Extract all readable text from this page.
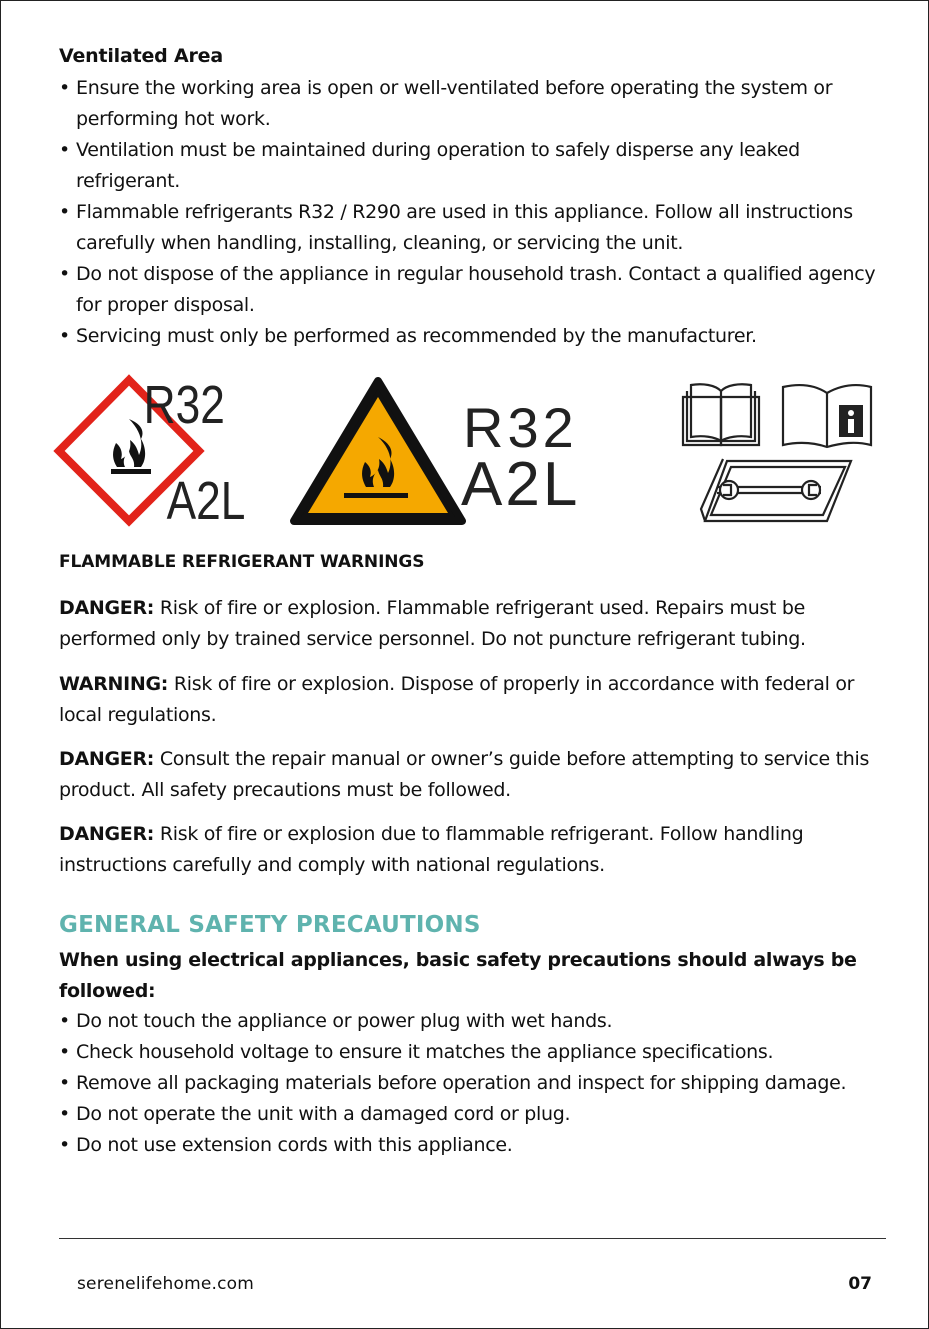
Ventilated Area
• Ensure the working area is open or well-ventilated before operating the system or performing hot work.
• Ventilation must be maintained during operation to safely disperse any leaked refrigerant.
• Flammable refrigerants R32 / R290 are used in this appliance. Follow all instructions carefully when handling, installing, cleaning, or servicing the unit.
• Do not dispose of the appliance in regular household trash. Contact a qualified agency for proper disposal.
• Servicing must only be performed as recommended by the manufacturer.
R32
A2L
R32
A2L
FLAMMABLE REFRIGERANT WARNINGS

DANGER: Risk of fire or explosion. Flammable refrigerant used. Repairs must be performed only by trained service personnel. Do not puncture refrigerant tubing.

WARNING: Risk of fire or explosion. Dispose of properly in accordance with federal or local regulations.

DANGER: Consult the repair manual or owner’s guide before attempting to service this product. All safety precautions must be followed.

DANGER: Risk of fire or explosion due to flammable refrigerant. Follow handling instructions carefully and comply with national regulations.

GENERAL SAFETY PRECAUTIONS

When using electrical appliances, basic safety precautions should always be followed:

• Do not touch the appliance or power plug with wet hands.
• Check household voltage to ensure it matches the appliance specifications.
• Remove all packaging materials before operation and inspect for shipping damage.
• Do not operate the unit with a damaged cord or plug.
• Do not use extension cords with this appliance.
serenelifehome.com	07
